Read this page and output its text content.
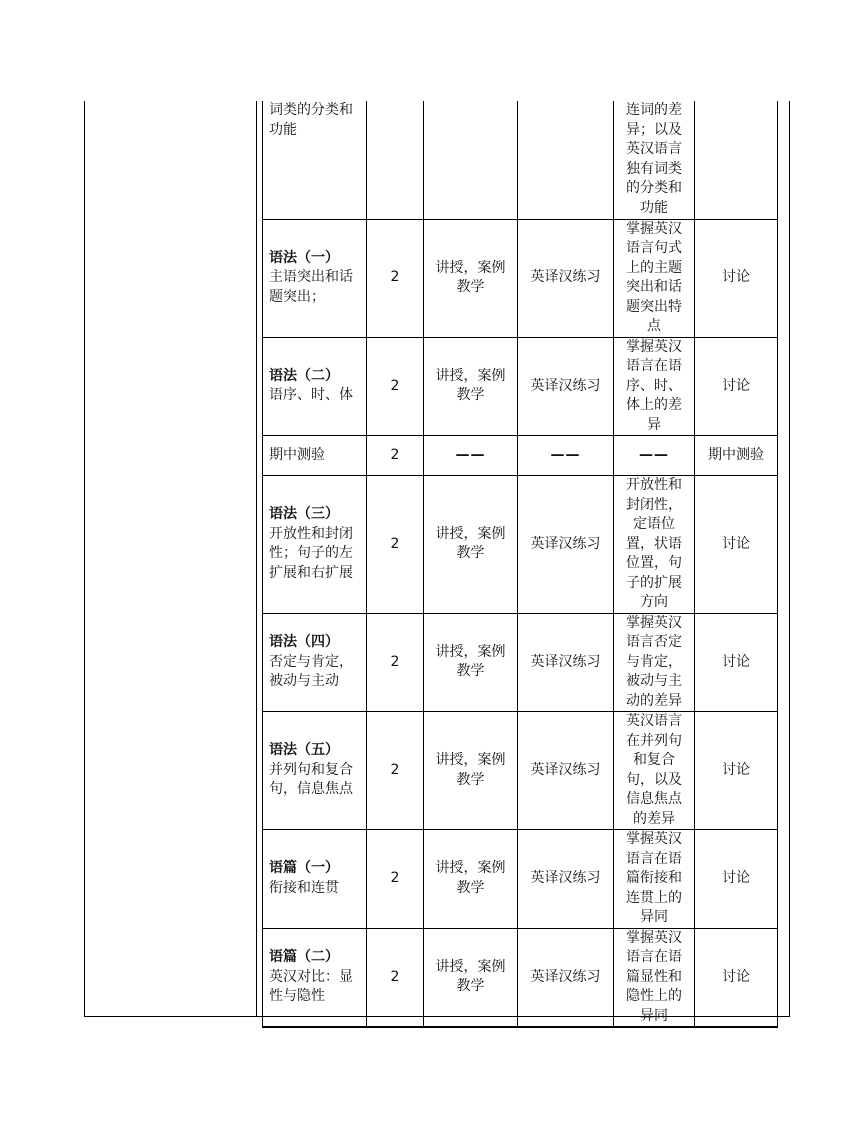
词类的分类和功能				连词的差异；以及英汉语言独有词类的分类和功能	

语法（一）
主语突出和话题突出；	2	讲授，案例教学	英译汉练习	掌握英汉语言句式上的主题突出和话题突出特点	讨论

语法（二）
语序、时、体	2	讲授，案例教学	英译汉练习	掌握英汉语言在语序、时、体上的差异	讨论

期中测验	2	——	——	——	期中测验

语法（三）
开放性和封闭性；句子的左扩展和右扩展	2	讲授，案例教学	英译汉练习	开放性和封闭性，定语位置，状语位置，句子的扩展方向	讨论

语法（四）
否定与肯定，被动与主动	2	讲授，案例教学	英译汉练习	掌握英汉语言否定与肯定，被动与主动的差异	讨论

语法（五）
并列句和复合句，信息焦点	2	讲授，案例教学	英译汉练习	英汉语言在并列句和复合句，以及信息焦点的差异	讨论

语篇（一）
衔接和连贯	2	讲授，案例教学	英译汉练习	掌握英汉语言在语篇衔接和连贯上的异同	讨论

语篇（二）
英汉对比：显性与隐性	2	讲授，案例教学	英译汉练习	掌握英汉语言在语篇显性和隐性上的异同	讨论
